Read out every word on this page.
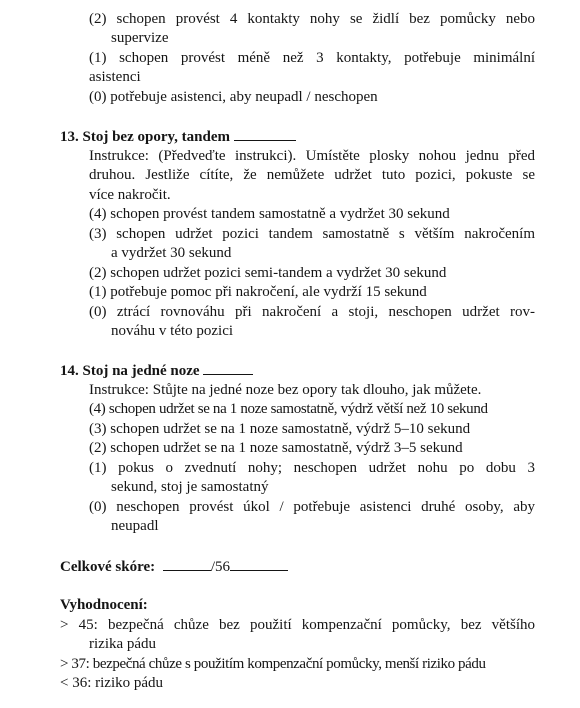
(2) schopen provést 4 kontakty nohy se židlí bez pomůcky nebo
supervize
(1) schopen provést méně než 3 kontakty, potřebuje minimální
asistenci
(0) potřebuje asistenci, aby neupadl / neschopen
13. Stoj bez opory, tandem
Instrukce: (Předveďte instrukci). Umístěte plosky nohou jednu před
druhou. Jestliže cítíte, že nemůžete udržet tuto pozici, pokuste se
více nakročit.
(4) schopen provést tandem samostatně a vydržet 30 sekund
(3) schopen udržet pozici tandem samostatně s větším nakročením
a vydržet 30 sekund
(2) schopen udržet pozici semi-tandem a vydržet 30 sekund
(1) potřebuje pomoc při nakročení, ale vydrží 15 sekund
(0) ztrácí rovnováhu při nakročení a stoji, neschopen udržet rov-
nováhu v této pozici
14. Stoj na jedné noze
Instrukce: Stůjte na jedné noze bez opory tak dlouho, jak můžete.
(4) schopen udržet se na 1 noze samostatně, výdrž větší než 10 sekund
(3) schopen udržet se na 1 noze samostatně, výdrž 5–10 sekund
(2) schopen udržet se na 1 noze samostatně, výdrž 3–5 sekund
(1) pokus o zvednutí nohy; neschopen udržet nohu po dobu 3
sekund, stoj je samostatný
(0) neschopen provést úkol / potřebuje asistenci druhé osoby, aby
neupadl
Celkové skóre:	/56
Vyhodnocení:
> 45: bezpečná chůze bez použití kompenzační pomůcky, bez většího
rizika pádu
> 37: bezpečná chůze s použitím kompenzační pomůcky, menší riziko pádu
< 36: riziko pádu
